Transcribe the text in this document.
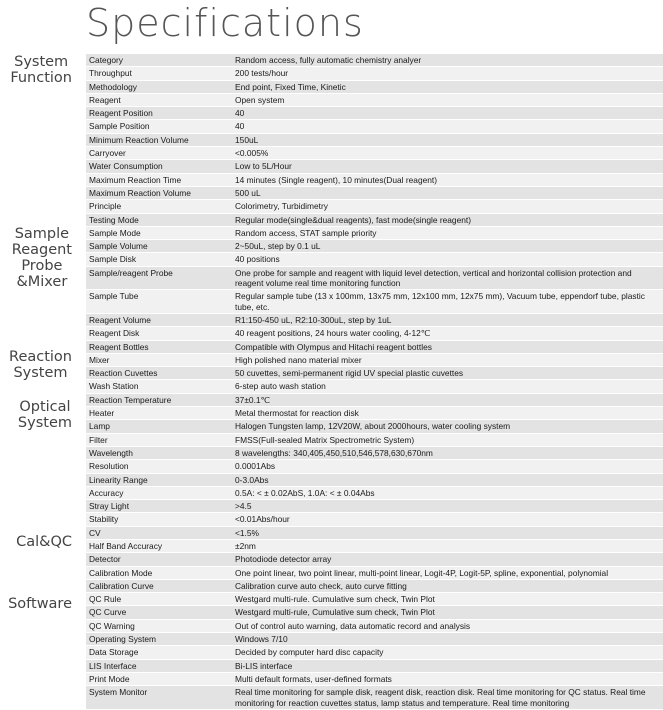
Specifications
System
Function
Sample
Reagent
Probe
&Mixer
Reaction
System
Optical
System
Cal&QC
Software
Category	Random access, fully automatic chemistry analyer
Throughput	200 tests/hour
Methodology	End point, Fixed Time, Kinetic
Reagent	Open system
Reagent Position	40
Sample Position	40
Minimum Reaction Volume	150uL
Carryover	<0.005%
Water Consumption	Low to 5L/Hour
Maximum Reaction Time	14 minutes (Single reagent), 10 minutes(Dual reagent)
Maximum Reaction Volume	500 uL
Principle	Colorimetry, Turbidimetry
Testing Mode	Regular mode(single&dual reagents), fast mode(single reagent)
Sample Mode	Random access, STAT sample priority
Sample Volume	2~50uL, step by 0.1 uL
Sample Disk	40 positions
Sample/reagent Probe	One probe for sample and reagent with liquid level detection, vertical and horizontal collision protection and reagent volume real time monitoring function
Sample Tube	Regular sample tube (13 x 100mm, 13x75 mm, 12x100 mm, 12x75 mm), Vacuum tube, eppendorf tube, plastic tube, etc.
Reagent Volume	R1:150-450 uL, R2:10-300uL, step by 1uL
Reagent Disk	40 reagent positions, 24 hours water cooling, 4-12℃
Reagent Bottles	Compatible with Olympus and Hitachi reagent bottles
Mixer	High polished nano material mixer
Reaction Cuvettes	50 cuvettes, semi-permanent rigid UV special plastic cuvettes
Wash Station	6-step auto wash station
Reaction Temperature	37±0.1℃
Heater	Metal thermostat for reaction disk
Lamp	Halogen Tungsten lamp, 12V20W, about 2000hours, water cooling system
Filter	FMSS(Full-sealed Matrix Spectrometric System)
Wavelength	8 wavelengths: 340,405,450,510,546,578,630,670nm
Resolution	0.0001Abs
Linearity Range	0-3.0Abs
Accuracy	0.5A: < ± 0.02AbS, 1.0A: < ± 0.04Abs
Stray Light	>4.5
Stability	<0.01Abs/hour
CV	<1.5%
Half Band Accuracy	±2nm
Detector	Photodiode detector array
Calibration Mode	One point linear, two point linear, multi-point linear, Logit-4P, Logit-5P, spline, exponential, polynomial
Calibration Curve	Calibration curve auto check, auto curve fitting
QC Rule	Westgard multi-rule. Cumulative sum check, Twin Plot
QC Curve	Westgard multi-rule, Cumulative sum check, Twin Plot
QC Warning	Out of control auto warning, data automatic record and analysis
Operating System	Windows 7/10
Data Storage	Decided by computer hard disc capacity
LIS Interface	Bi-LIS interface
Print Mode	Multi default formats, user-defined formats
System Monitor	Real time monitoring for sample disk, reagent disk, reaction disk. Real time monitoring for QC status. Real time monitoring for reaction cuvettes status, lamp status and temperature. Real time monitoring
